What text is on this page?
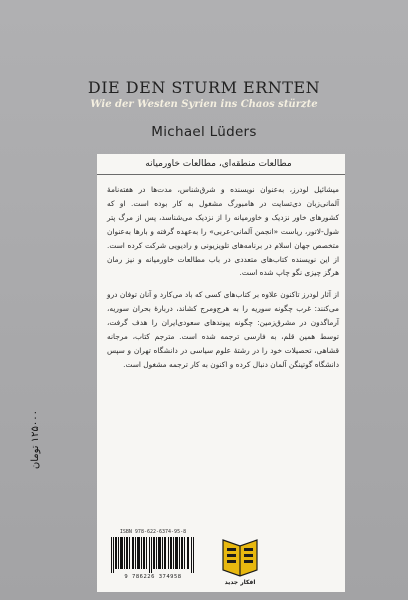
DIE DEN STURM ERNTEN
Wie der Westen Syrien ins Chaos stürzte
Michael Lüders
مطالعات منطقه‌ای، مطالعات خاورمیانه

میشائیل لودرز، به‌عنوان نویسنده و شرق‌شناس، مدت‌ها در هفته‌نامهٔ آلمانی‌زبان دی‌تسایت در هامبورگ مشغول به کار بوده است. او که کشورهای خاور نزدیک و خاورمیانه را از نزدیک می‌شناسد، پس از مرگ پتر شول-لاتور، ریاست «انجمن آلمانی-عربی» را به‌عهده گرفته و بارها به‌عنوان متخصص جهان اسلام در برنامه‌های تلویزیونی و رادیویی شرکت کرده است. از این نویسنده کتاب‌های متعددی در باب مطالعات خاورمیانه و نیز رمان هرگز چیزی نگو چاپ شده است.

از آثار لودرز تاکنون علاوه بر کتاب‌های کسی که باد می‌کارد و آنان توفان درو می‌کنند: غرب چگونه سوریه را به هرج‌ومرج کشاند، دربارهٔ بحران سوریه، آرماگدون در مشرق‌زمین: چگونه پیوندهای سعودی‌ایران را هدف گرفت، توسط همین قلم، به فارسی ترجمه شده است. مترجم کتاب، مرجانه قشاهی، تحصیلات خود را در رشتهٔ علوم سیاسی در دانشگاه تهران و سپس دانشگاه گوتینگن آلمان دنبال کرده و اکنون به کار ترجمه مشغول است.

ISBN 978-622-6374-95-8
9 786226 374958
افکار جدید
۱۲۵۰۰۰ تومان
